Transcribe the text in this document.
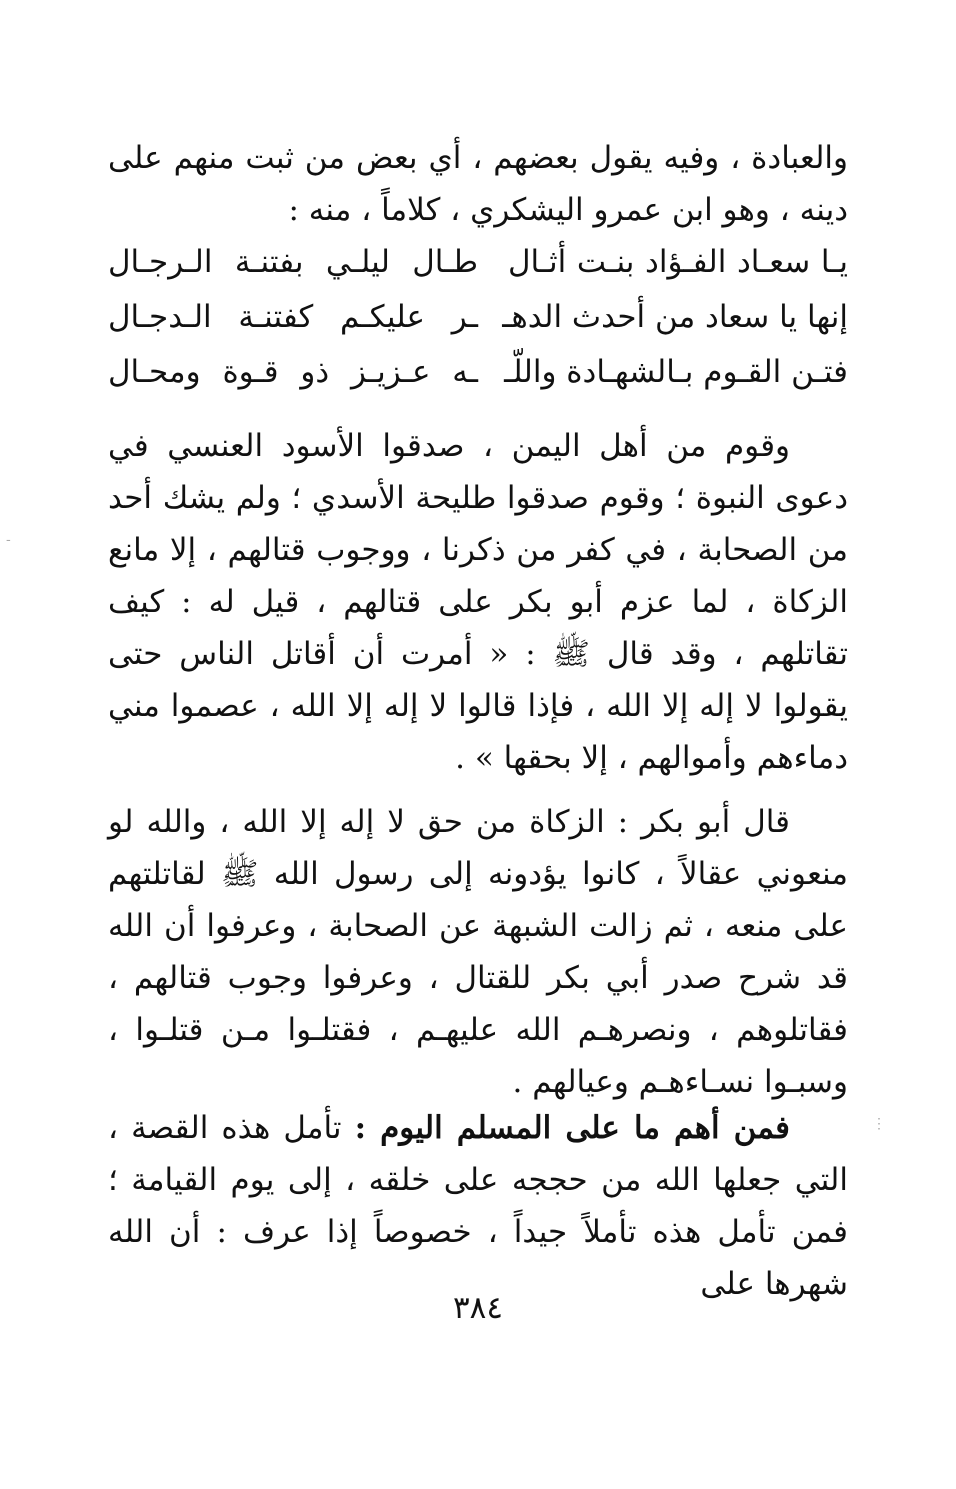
والعبادة ، وفيه يقول بعضهم ، أي بعض من ثبت منهم على دينه ، وهو ابن عمرو اليشكري ، كلاماً ، منه :
يـا سعـاد الفـؤاد بنـت أثـال
طـال ليلـي بفتنـة الـرجـال
إنها يا سعاد من أحدث الدهـ
ـر عليكـم كفتنـة الـدجـال
فتـن القـوم بـالشهـادة واللّـ
ـه عـزيـز ذو قـوة ومحـال
وقوم من أهل اليمن ، صدقوا الأسود العنسي في دعوى النبوة ؛ وقوم صدقوا طليحة الأسدي ؛ ولم يشك أحد من الصحابة ، في كفر من ذكرنا ، ووجوب قتالهم ، إلا مانع الزكاة ، لما عزم أبو بكر على قتالهم ، قيل له : كيف تقاتلهم ، وقد قال ﷺ : « أمرت أن أقاتل الناس حتى يقولوا لا إله إلا الله ، فإذا قالوا لا إله إلا الله ، عصموا مني دماءهم وأموالهم ، إلا بحقها » .
قال أبو بكر : الزكاة من حق لا إله إلا الله ، والله لو منعوني عقالاً ، كانوا يؤدونه إلى رسول الله ﷺ لقاتلتهم على منعه ، ثم زالت الشبهة عن الصحابة ، وعرفوا أن الله قد شرح صدر أبي بكر للقتال ، وعرفوا وجوب قتالهم ، فقاتلوهم ، ونصرهـم الله عليهـم ، فقتلـوا مـن قتلـوا ، وسبـوا نسـاءهـم وعيالهم .
فمن أهم ما على المسلم اليوم : تأمل هذه القصة ، التي جعلها الله من حججه على خلقه ، إلى يوم القيامة ؛ فمن تأمل هذه تأملاً جيداً ، خصوصاً إذا عرف : أن الله شهرها على
٣٨٤
‐
⋮
